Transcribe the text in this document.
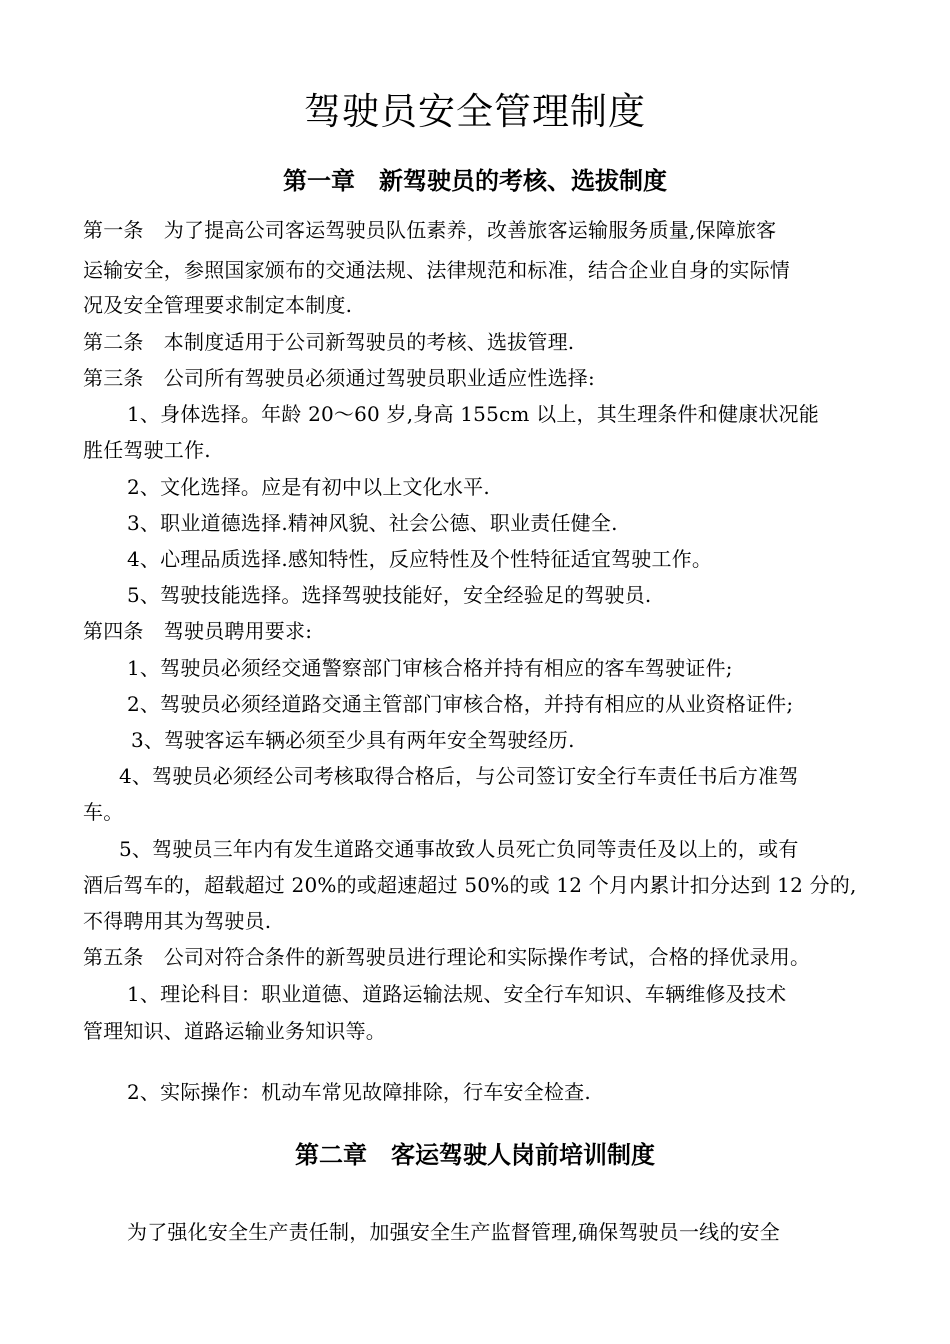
驾驶员安全管理制度
第一章　新驾驶员的考核、选拔制度
第一条　为了提高公司客运驾驶员队伍素养，改善旅客运输服务质量,保障旅客
运输安全，参照国家颁布的交通法规、法律规范和标准，结合企业自身的实际情
况及安全管理要求制定本制度.
第二条　本制度适用于公司新驾驶员的考核、选拔管理.
第三条　公司所有驾驶员必须通过驾驶员职业适应性选择:
1、身体选择。年龄 20～60 岁,身高 155cm 以上，其生理条件和健康状况能
胜任驾驶工作.
2、文化选择。应是有初中以上文化水平.
3、职业道德选择.精神风貌、社会公德、职业责任健全.
4、心理品质选择.感知特性，反应特性及个性特征适宜驾驶工作。
5、驾驶技能选择。选择驾驶技能好，安全经验足的驾驶员.
第四条　驾驶员聘用要求:
1、驾驶员必须经交通警察部门审核合格并持有相应的客车驾驶证件;
2、驾驶员必须经道路交通主管部门审核合格，并持有相应的从业资格证件;
3、驾驶客运车辆必须至少具有两年安全驾驶经历.
4、驾驶员必须经公司考核取得合格后，与公司签订安全行车责任书后方准驾
车。
5、驾驶员三年内有发生道路交通事故致人员死亡负同等责任及以上的，或有
酒后驾车的，超载超过 20%的或超速超过 50%的或 12 个月内累计扣分达到 12 分的,
不得聘用其为驾驶员.
第五条　公司对符合条件的新驾驶员进行理论和实际操作考试，合格的择优录用。
1、理论科目：职业道德、道路运输法规、安全行车知识、车辆维修及技术
管理知识、道路运输业务知识等。
2、实际操作：机动车常见故障排除，行车安全检查.
第二章　客运驾驶人岗前培训制度
为了强化安全生产责任制，加强安全生产监督管理,确保驾驶员一线的安全
